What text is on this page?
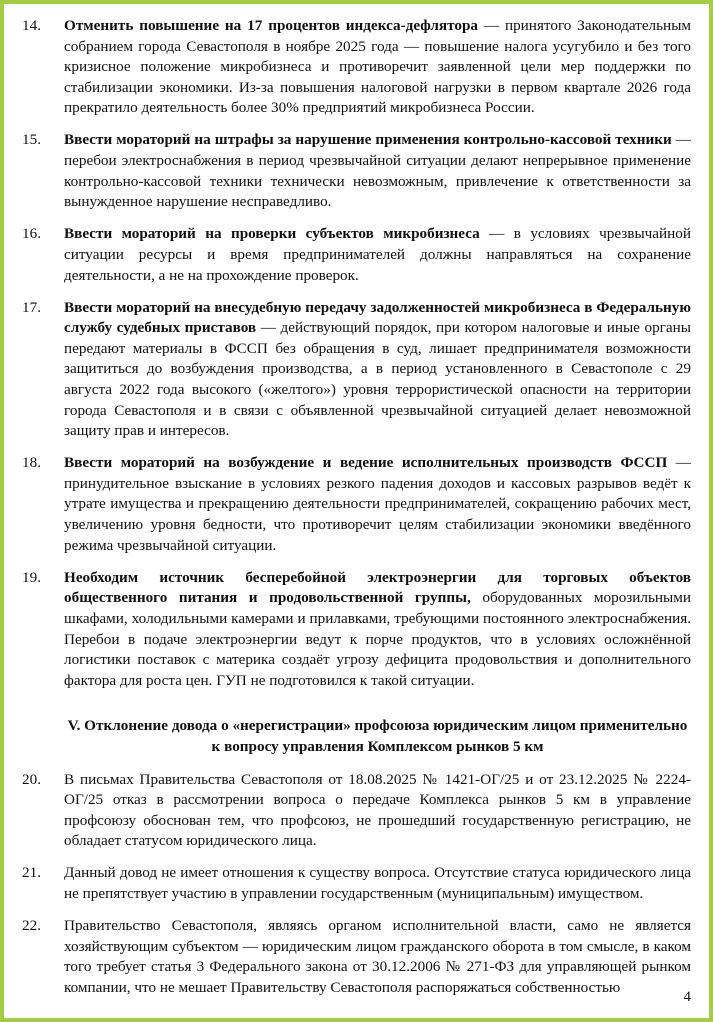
14.	Отменить повышение на 17 процентов индекса-дефлятора — принятого Законодательным собранием города Севастополя в ноябре 2025 года — повышение налога усугубило и без того кризисное положение микробизнеса и противоречит заявленной цели мер поддержки по стабилизации экономики. Из-за повышения налоговой нагрузки в первом квартале 2026 года прекратило деятельность более 30% предприятий микробизнеса России.
15.	Ввести мораторий на штрафы за нарушение применения контрольно-кассовой техники — перебои электроснабжения в период чрезвычайной ситуации делают непрерывное применение контрольно-кассовой техники технически невозможным, привлечение к ответственности за вынужденное нарушение несправедливо.
16.	Ввести мораторий на проверки субъектов микробизнеса — в условиях чрезвычайной ситуации ресурсы и время предпринимателей должны направляться на сохранение деятельности, а не на прохождение проверок.
17.	Ввести мораторий на внесудебную передачу задолженностей микробизнеса в Федеральную службу судебных приставов — действующий порядок, при котором налоговые и иные органы передают материалы в ФССП без обращения в суд, лишает предпринимателя возможности защититься до возбуждения производства, а в период установленного в Севастополе с 29 августа 2022 года высокого («желтого») уровня террористической опасности на территории города Севастополя и в связи с объявленной чрезвычайной ситуацией делает невозможной защиту прав и интересов.
18.	Ввести мораторий на возбуждение и ведение исполнительных производств ФССП — принудительное взыскание в условиях резкого падения доходов и кассовых разрывов ведёт к утрате имущества и прекращению деятельности предпринимателей, сокращению рабочих мест, увеличению уровня бедности, что противоречит целям стабилизации экономики введённого режима чрезвычайной ситуации.
19.	Необходим источник бесперебойной электроэнергии для торговых объектов общественного питания и продовольственной группы, оборудованных морозильными шкафами, холодильными камерами и прилавками, требующими постоянного электроснабжения. Перебои в подаче электроэнергии ведут к порче продуктов, что в условиях осложнённой логистики поставок с материка создаёт угрозу дефицита продовольствия и дополнительного фактора для роста цен. ГУП не подготовился к такой ситуации.
V. Отклонение довода о «нерегистрации» профсоюза юридическим лицом применительно
к вопросу управления Комплексом рынков 5 км
20.	В письмах Правительства Севастополя от 18.08.2025 № 1421-ОГ/25 и от 23.12.2025 № 2224-ОГ/25 отказ в рассмотрении вопроса о передаче Комплекса рынков 5 км в управление профсоюзу обоснован тем, что профсоюз, не прошедший государственную регистрацию, не обладает статусом юридического лица.
21.	Данный довод не имеет отношения к существу вопроса. Отсутствие статуса юридического лица не препятствует участию в управлении государственным (муниципальным) имуществом.
22.	Правительство Севастополя, являясь органом исполнительной власти, само не является хозяйствующим субъектом — юридическим лицом гражданского оборота в том смысле, в каком того требует статья 3 Федерального закона от 30.12.2006 № 271-ФЗ для управляющей рынком компании, что не мешает Правительству Севастополя распоряжаться собственностью
4
